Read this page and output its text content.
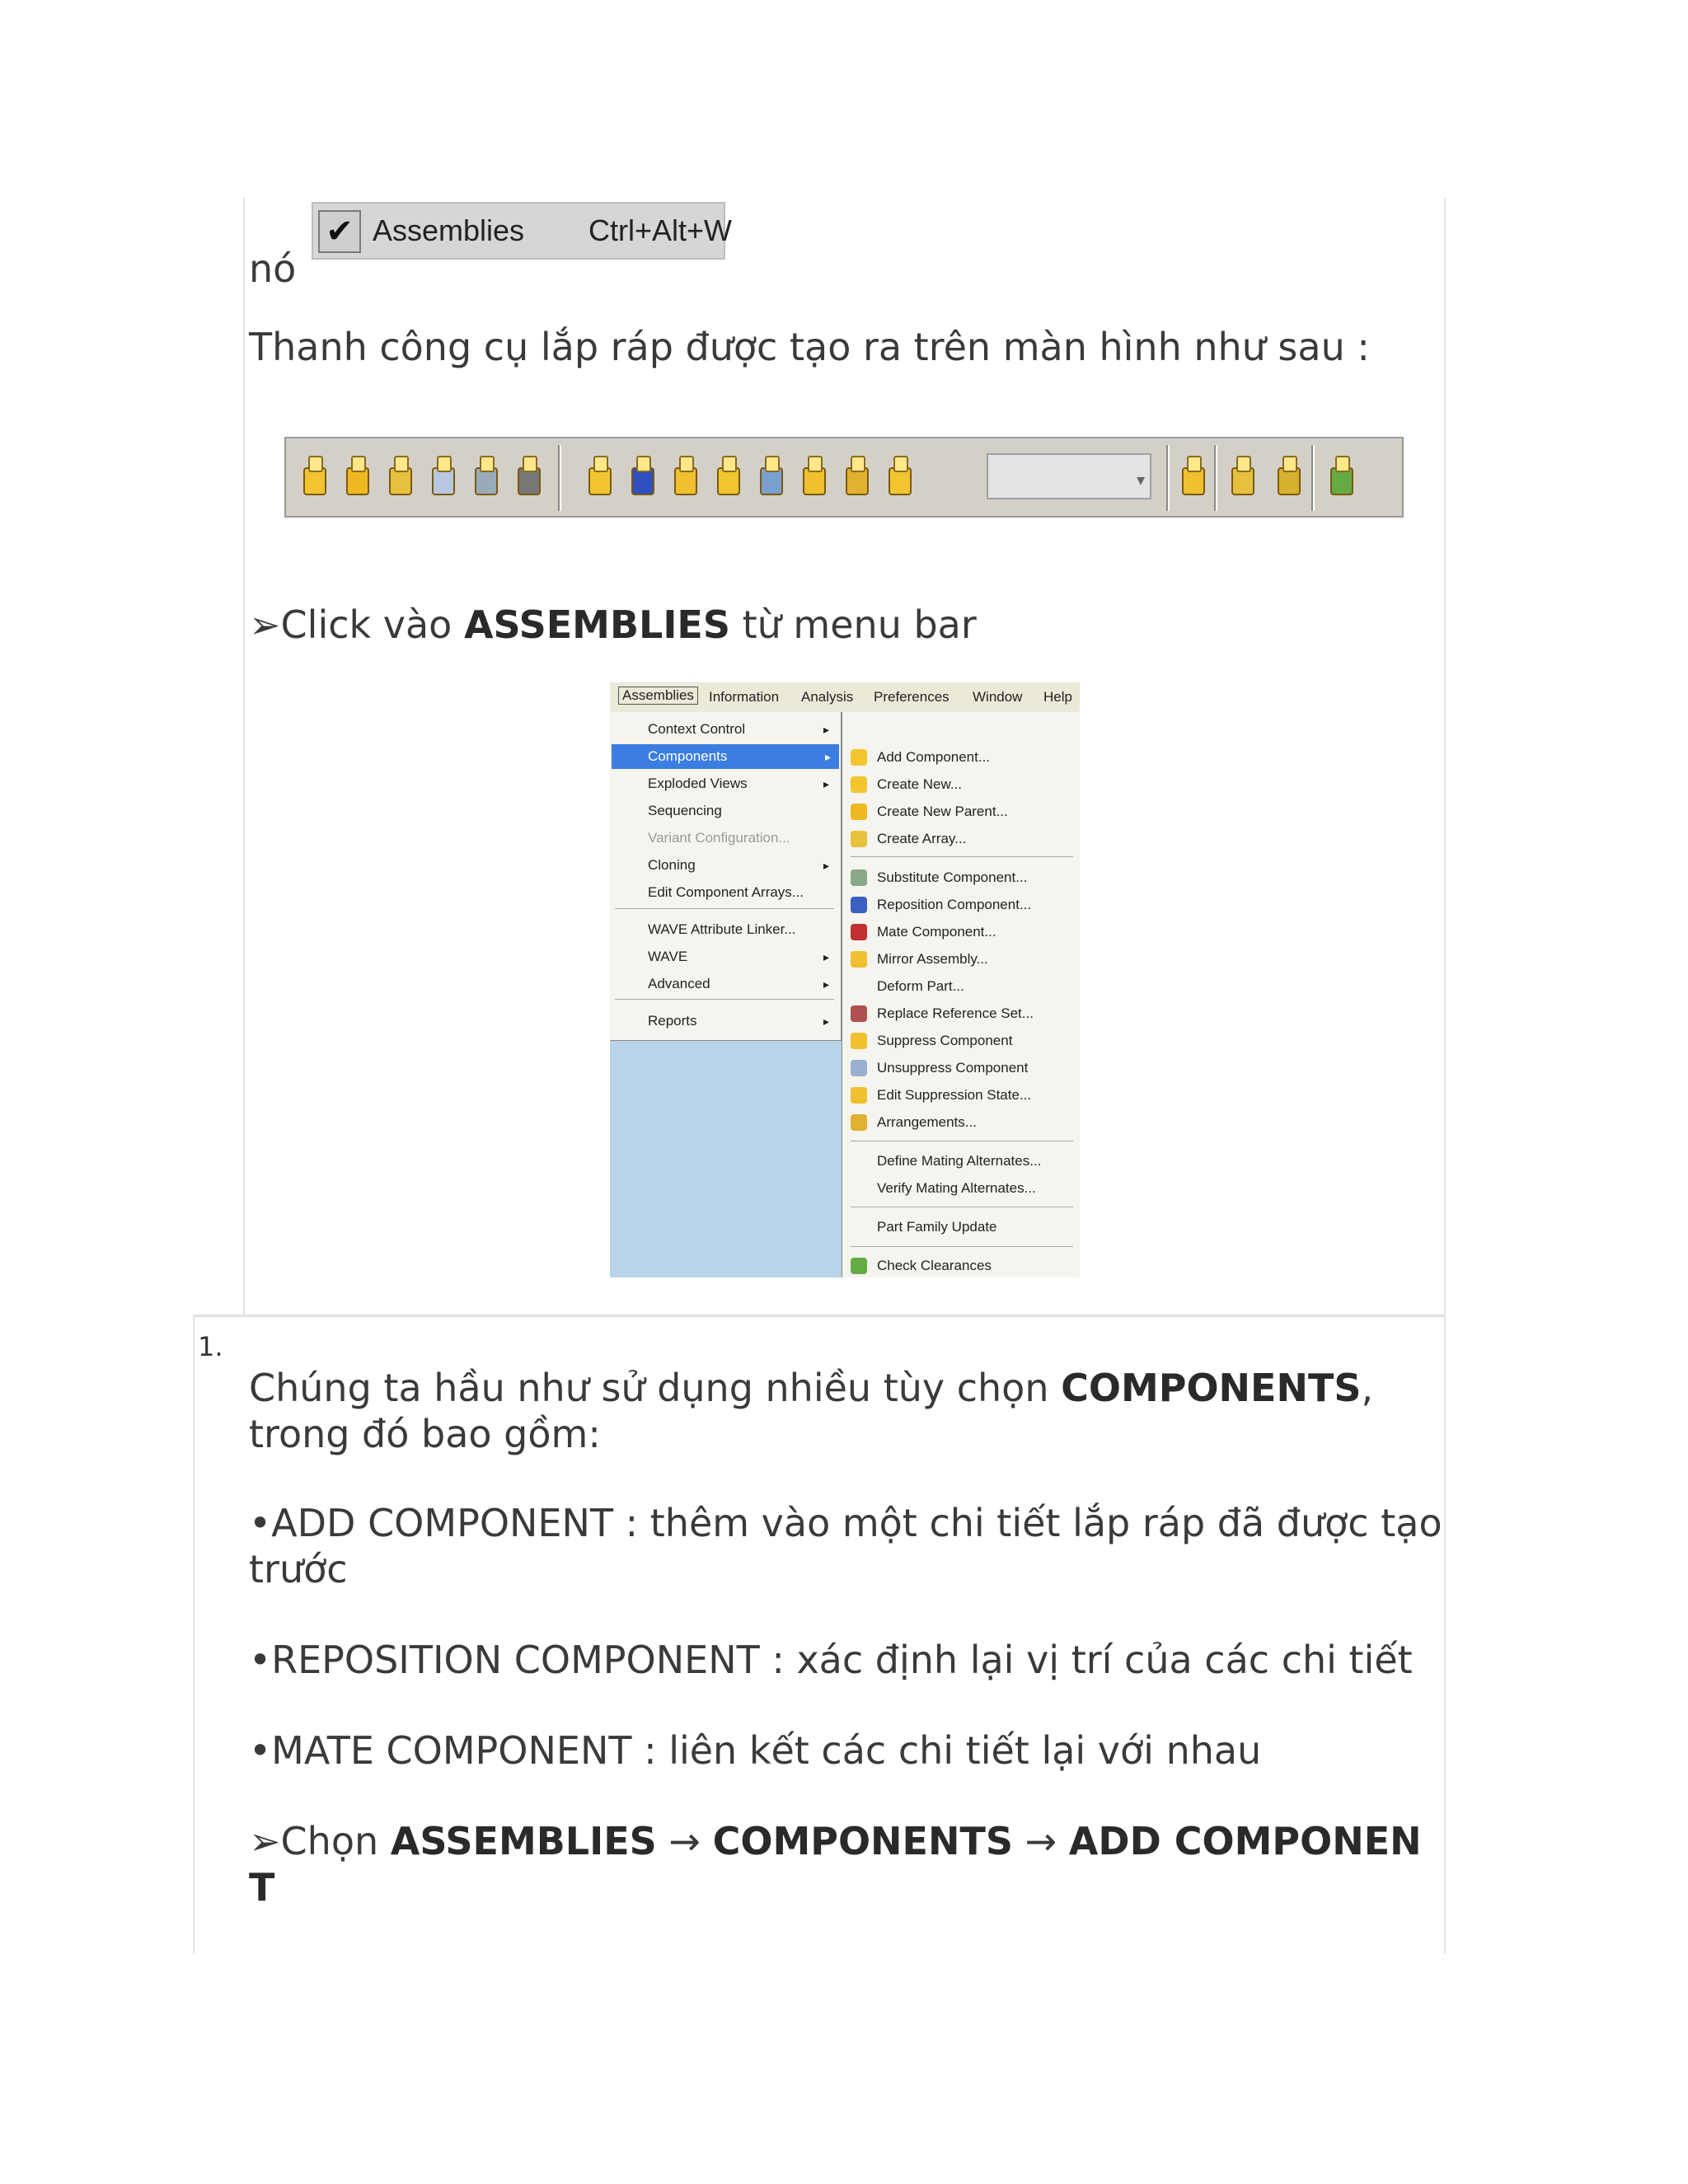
✔ Assemblies Ctrl+Alt+W
nó
Thanh công cụ lắp ráp được tạo ra trên màn hình như sau :
▾
➢Click vào ASSEMBLIES từ menu bar
Assemblies Information Analysis Preferences Window Help
Context Control	▸
Components	▸
Exploded Views	▸
Sequencing
Variant Configuration...
Cloning	▸
Edit Component Arrays...
WAVE Attribute Linker...
WAVE	▸
Advanced	▸
Reports	▸
Add Component...
Create New...
Create New Parent...
Create Array...
Substitute Component...
Reposition Component...
Mate Component...
Mirror Assembly...
Deform Part...
Replace Reference Set...
Suppress Component
Unsuppress Component
Edit Suppression State...
Arrangements...
Define Mating Alternates...
Verify Mating Alternates...
Part Family Update
Check Clearances
1.
Chúng ta hầu như sử dụng nhiều tùy chọn COMPONENTS,
trong đó bao gồm:
•ADD COMPONENT : thêm vào một chi tiết lắp ráp đã được tạo
trước
•REPOSITION COMPONENT : xác định lại vị trí của các chi tiết
•MATE COMPONENT : liên kết các chi tiết lại với nhau
➢Chọn ASSEMBLIES → COMPONENTS → ADD COMPONEN
T
